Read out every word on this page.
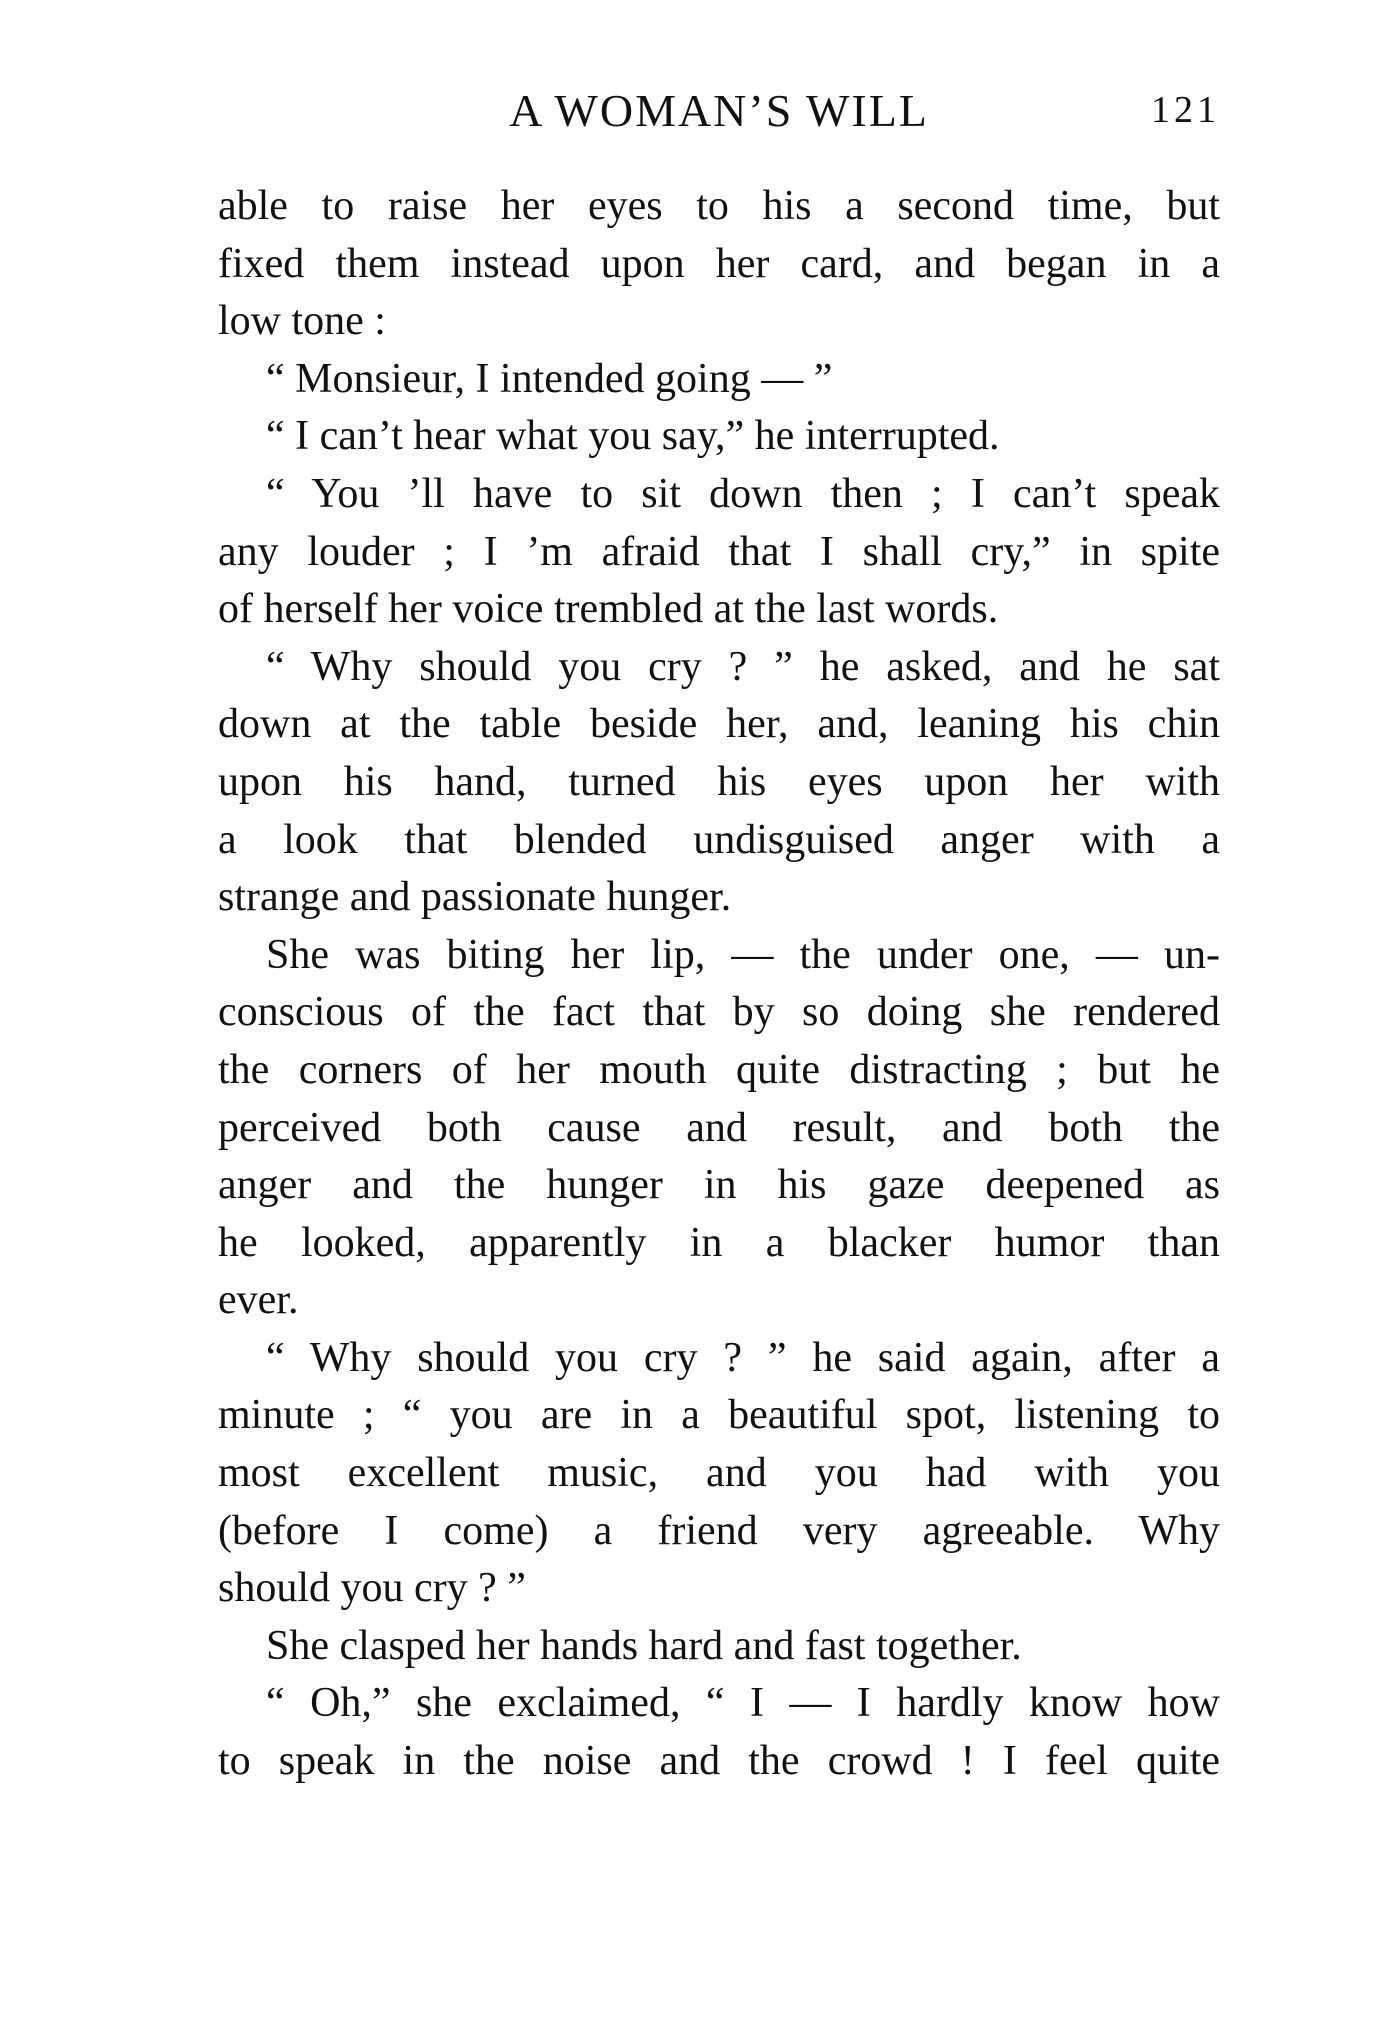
A WOMAN’S WILL	121
able to raise her eyes to his a second time, but
fixed them instead upon her card, and began in a
low tone :
“ Monsieur, I intended going — ”
“ I can’t hear what you say,” he interrupted.
“ You ’ll have to sit down then ; I can’t speak
any louder ; I ’m afraid that I shall cry,” in spite
of herself her voice trembled at the last words.
“ Why should you cry ? ” he asked, and he sat
down at the table beside her, and, leaning his chin
upon his hand, turned his eyes upon her with
a look that blended undisguised anger with a
strange and passionate hunger.
She was biting her lip, — the under one, — un-
conscious of the fact that by so doing she rendered
the corners of her mouth quite distracting ; but he
perceived both cause and result, and both the
anger and the hunger in his gaze deepened as
he looked, apparently in a blacker humor than
ever.
“ Why should you cry ? ” he said again, after a
minute ; “ you are in a beautiful spot, listening to
most excellent music, and you had with you
(before I come) a friend very agreeable. Why
should you cry ? ”
She clasped her hands hard and fast together.
“ Oh,” she exclaimed, “ I — I hardly know how
to speak in the noise and the crowd ! I feel quite
